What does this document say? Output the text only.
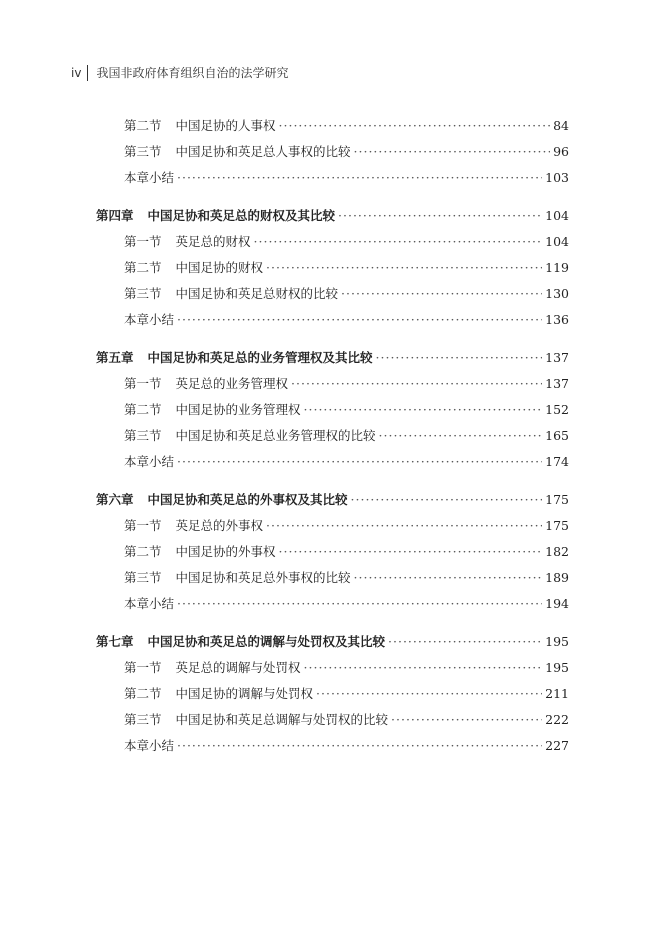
iv 我国非政府体育组织自治的法学研究
第二节 中国足协的人事权 ·····	84
第三节 中国足协和英足总人事权的比较 ·····	96
本章小结 ·····	103
第四章 中国足协和英足总的财权及其比较 ·····	104
第一节 英足总的财权 ·····	104
第二节 中国足协的财权 ·····	119
第三节 中国足协和英足总财权的比较 ·····	130
本章小结 ·····	136
第五章 中国足协和英足总的业务管理权及其比较 ·····	137
第一节 英足总的业务管理权 ·····	137
第二节 中国足协的业务管理权 ·····	152
第三节 中国足协和英足总业务管理权的比较 ·····	165
本章小结 ·····	174
第六章 中国足协和英足总的外事权及其比较 ·····	175
第一节 英足总的外事权 ·····	175
第二节 中国足协的外事权 ·····	182
第三节 中国足协和英足总外事权的比较 ·····	189
本章小结 ·····	194
第七章 中国足协和英足总的调解与处罚权及其比较 ·····	195
第一节 英足总的调解与处罚权 ·····	195
第二节 中国足协的调解与处罚权 ·····	211
第三节 中国足协和英足总调解与处罚权的比较 ·····	222
本章小结 ·····	227
